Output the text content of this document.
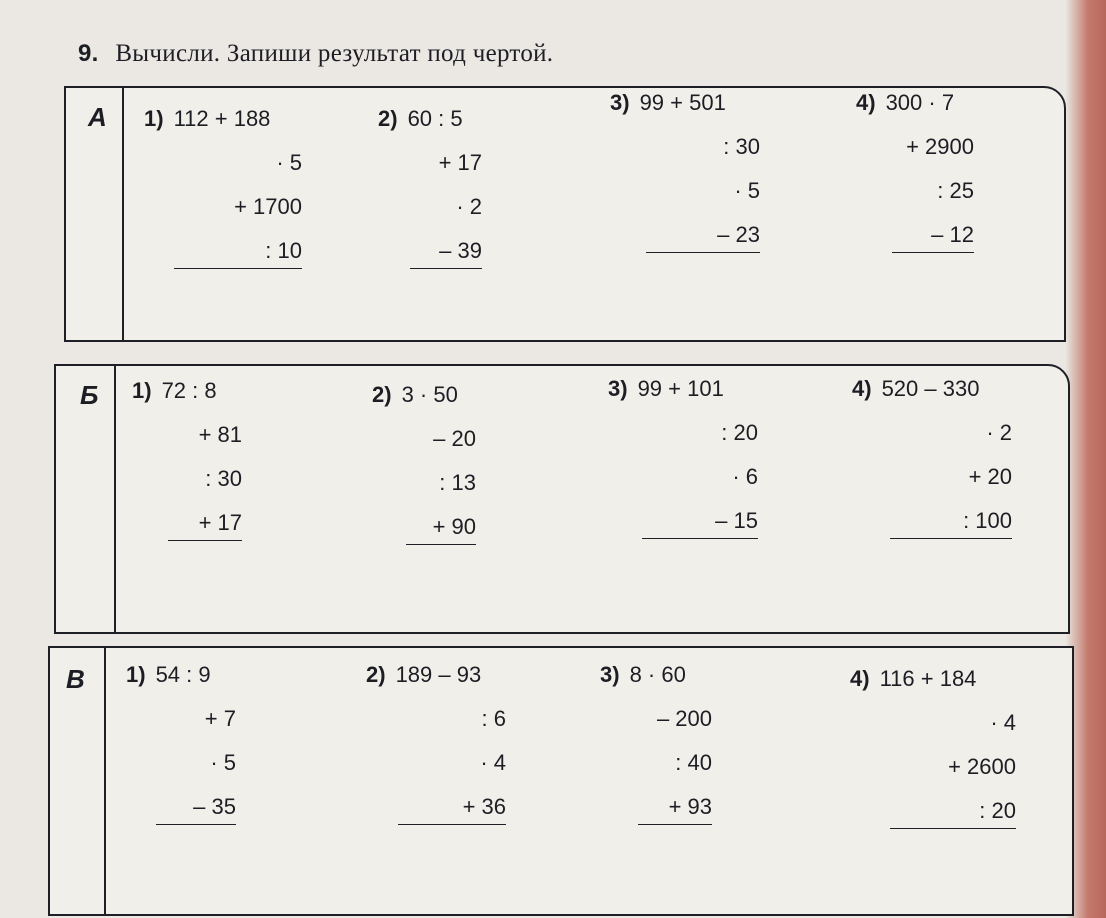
9. Вычисли. Запиши результат под чертой.
А 1) 112 + 188
· 5
+ 1700
: 10
2) 60 : 5
+ 17
· 2
– 39
3) 99 + 501
: 30
· 5
– 23
4) 300 · 7
+ 2900
: 25
– 12
Б 1) 72 : 8
+ 81
: 30
+ 17
2) 3 · 50
– 20
: 13
+ 90
3) 99 + 101
: 20
· 6
– 15
4) 520 – 330
· 2
+ 20
: 100
В 1) 54 : 9
+ 7
· 5
– 35
2) 189 – 93
: 6
· 4
+ 36
3) 8 · 60
– 200
: 40
+ 93
4) 116 + 184
· 4
+ 2600
: 20
